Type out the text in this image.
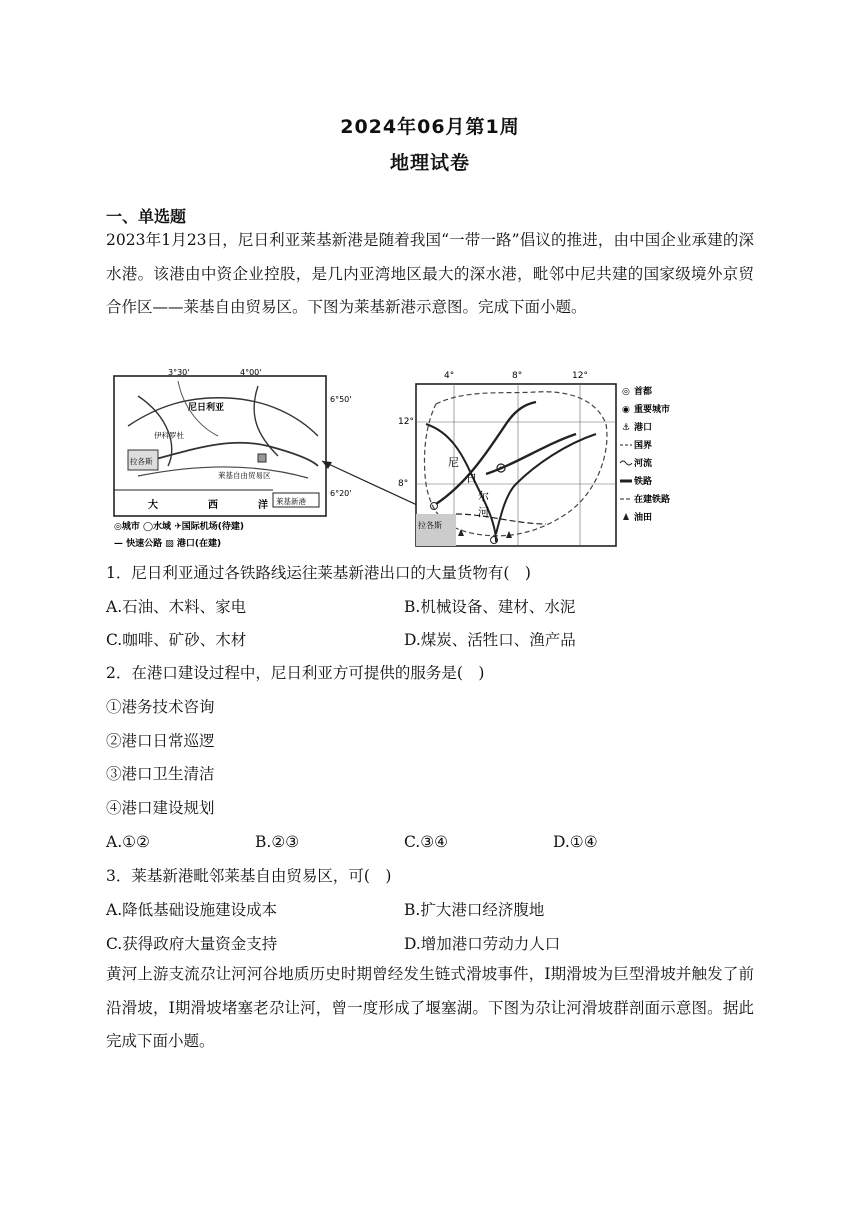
2024年06月第1周
地理试卷
一、单选题
2023年1月23日，尼日利亚莱基新港是随着我国“一带一路”倡议的推进，由中国企业承建的深水港。该港由中资企业控股，是几内亚湾地区最大的深水港，毗邻中尼共建的国家级境外京贸合作区——莱基自由贸易区。下图为莱基新港示意图。完成下面小题。
3°30'	4°00'
6°50'
6°20'
尼日利亚
伊科罗杜
拉各斯
莱基自由贸易区
莱基新港
大	西	洋
◎城市 ◯水域 ✈国际机场(待建)
— 快速公路 ▨ 港口(在建)
4°	8°	12°
12°
8°
尼
日
尔
河
拉各斯
◎ 首都
◉ 重要城市
⚓ 港口
国界
河流
铁路
在建铁路
油田
1．尼日利亚通过各铁路线运往莱基新港出口的大量货物有(　)
A.石油、木料、家电	B.机械设备、建材、水泥
C.咖啡、矿砂、木材	D.煤炭、活牲口、渔产品
2．在港口建设过程中，尼日利亚方可提供的服务是(　)
①港务技术咨询
②港口日常巡逻
③港口卫生清洁
④港口建设规划
A.①②	B.②③	C.③④	D.①④
3．莱基新港毗邻莱基自由贸易区，可(　)
A.降低基础设施建设成本	B.扩大港口经济腹地
C.获得政府大量资金支持	D.增加港口劳动力人口
黄河上游支流尕让河河谷地质历史时期曾经发生链式滑坡事件，I期滑坡为巨型滑坡并触发了前沿滑坡，I期滑坡堵塞老尕让河，曾一度形成了堰塞湖。下图为尕让河滑坡群剖面示意图。据此完成下面小题。
